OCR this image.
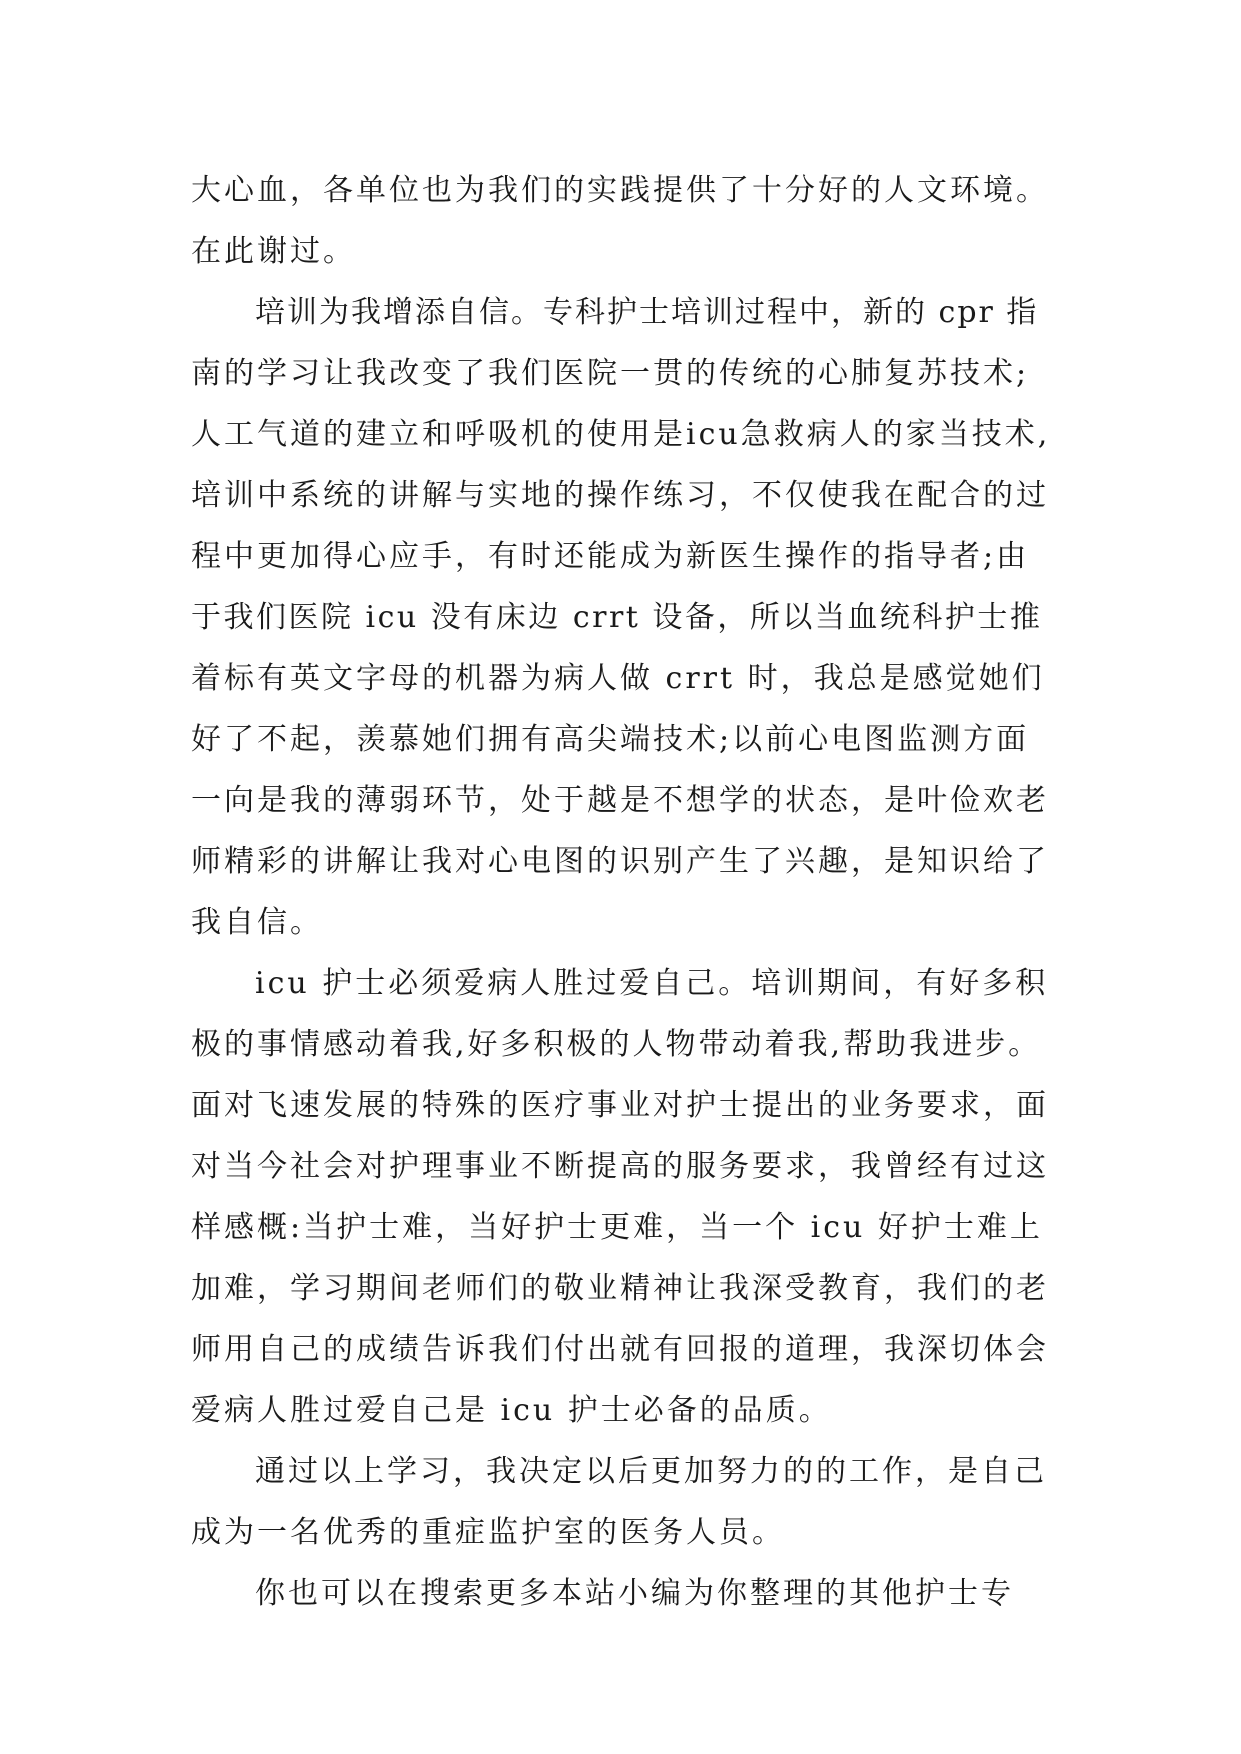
大心血，各单位也为我们的实践提供了十分好的人文环境。
在此谢过。
培训为我增添自信。专科护士培训过程中，新的 cpr 指
南的学习让我改变了我们医院一贯的传统的心肺复苏技术;
人工气道的建立和呼吸机的使用是icu急救病人的家当技术,
培训中系统的讲解与实地的操作练习，不仅使我在配合的过
程中更加得心应手，有时还能成为新医生操作的指导者;由
于我们医院 icu 没有床边 crrt 设备，所以当血统科护士推
着标有英文字母的机器为病人做 crrt 时，我总是感觉她们
好了不起，羡慕她们拥有高尖端技术;以前心电图监测方面
一向是我的薄弱环节，处于越是不想学的状态，是叶俭欢老
师精彩的讲解让我对心电图的识别产生了兴趣，是知识给了
我自信。
icu 护士必须爱病人胜过爱自己。培训期间，有好多积
极的事情感动着我,好多积极的人物带动着我,帮助我进步。
面对飞速发展的特殊的医疗事业对护士提出的业务要求，面
对当今社会对护理事业不断提高的服务要求，我曾经有过这
样感概:当护士难，当好护士更难，当一个 icu 好护士难上
加难，学习期间老师们的敬业精神让我深受教育，我们的老
师用自己的成绩告诉我们付出就有回报的道理，我深切体会
爱病人胜过爱自己是 icu 护士必备的品质。
通过以上学习，我决定以后更加努力的的工作，是自己
成为一名优秀的重症监护室的医务人员。
你也可以在搜索更多本站小编为你整理的其他护士专
